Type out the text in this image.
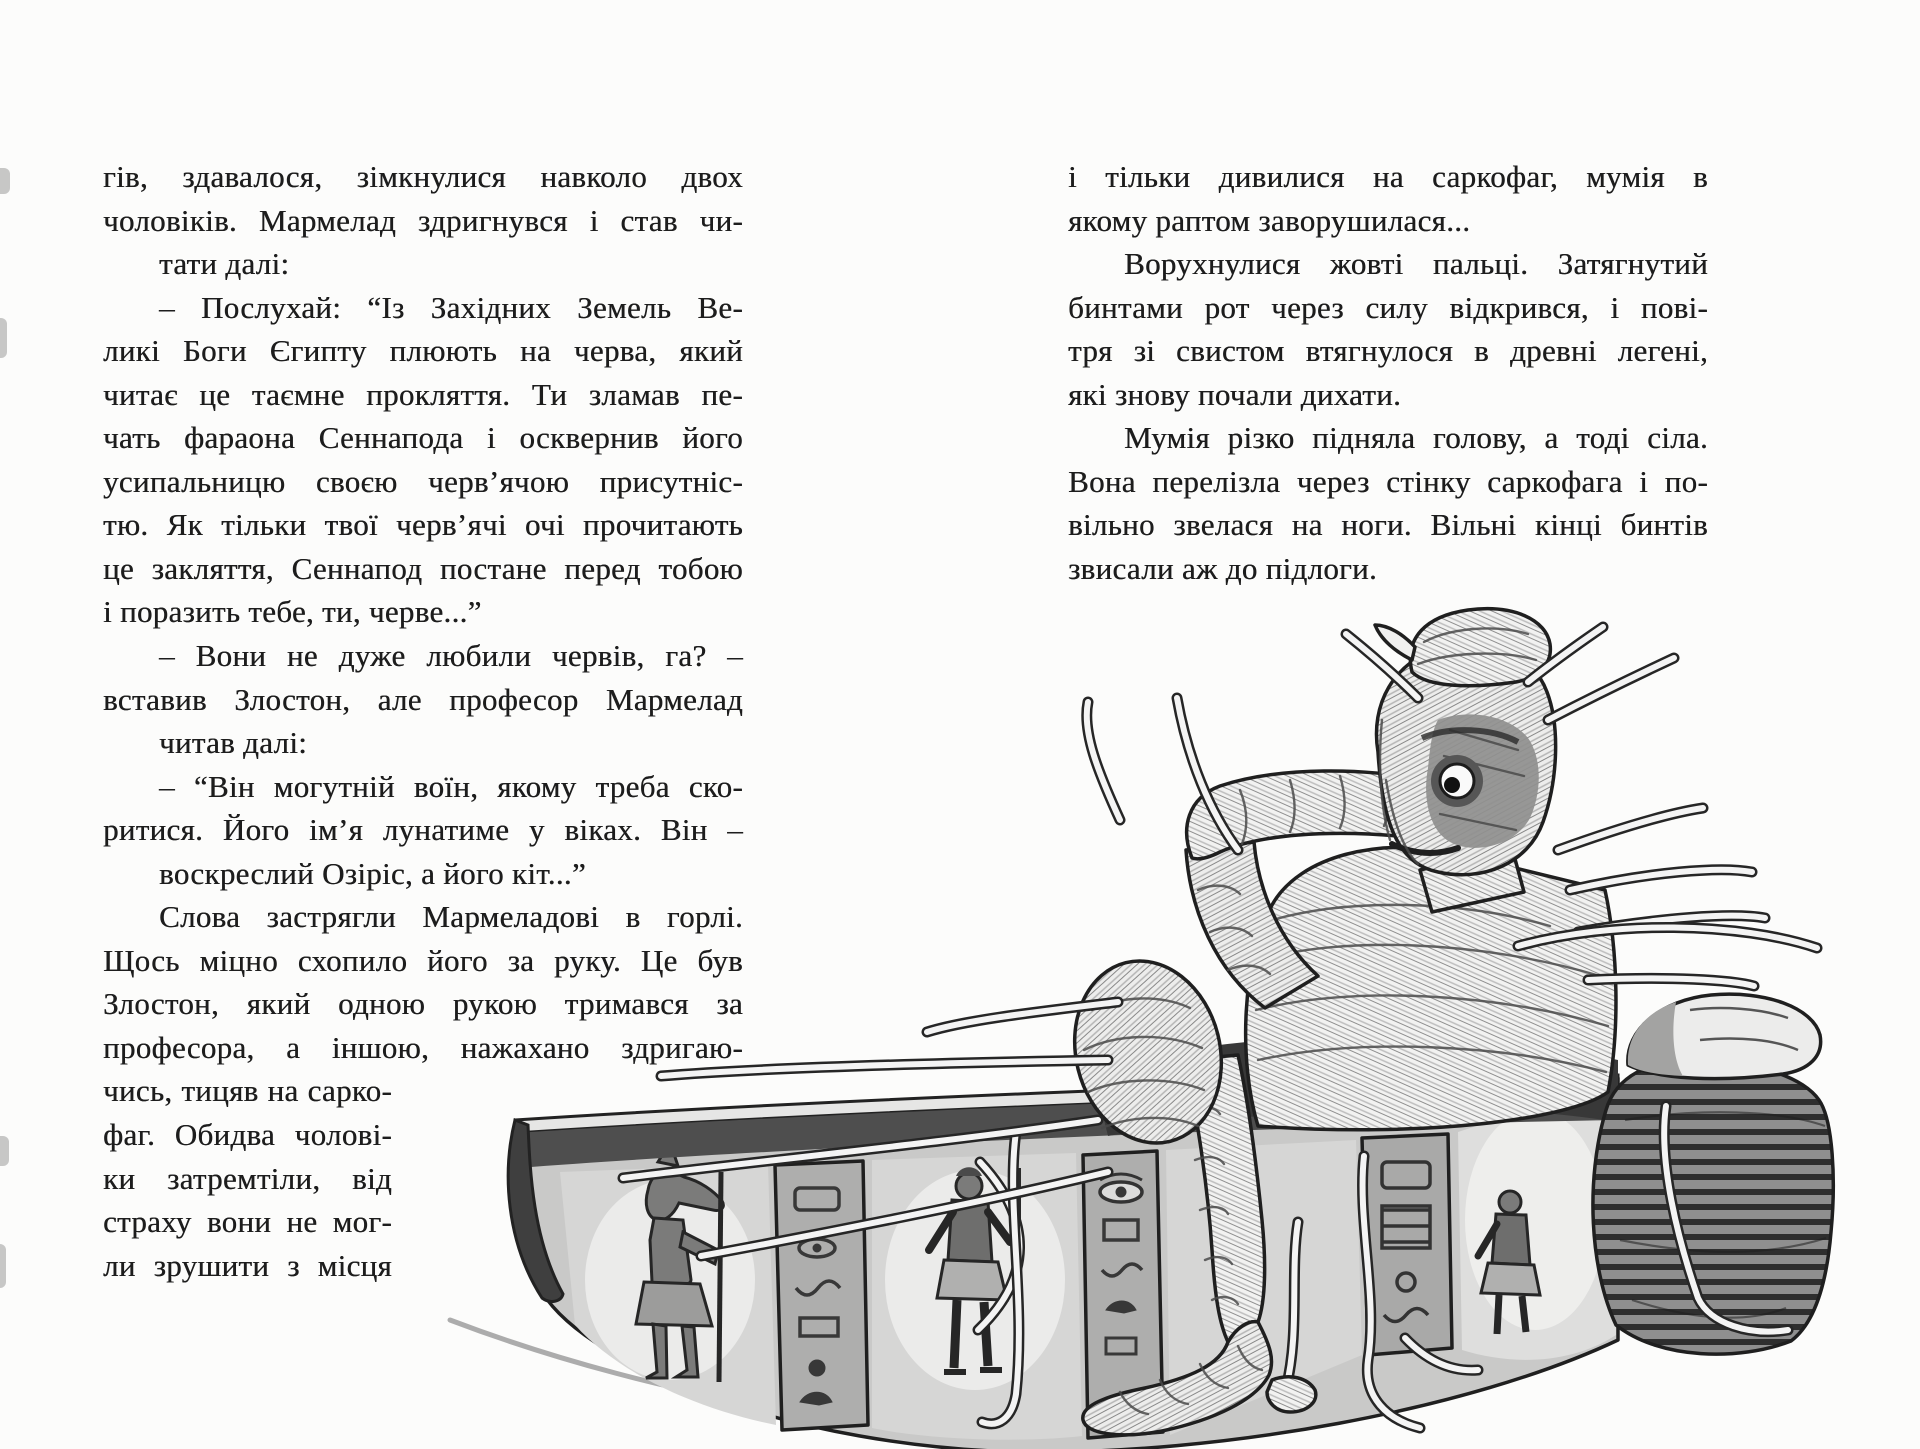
гів, здавалося, зімкнулися навколо двох
чоловіків. Мармелад здригнувся і став чи-
тати далі:
– Послухай: “Із Західних Земель Ве-
ликі Боги Єгипту плюють на черва, який
читає це таємне прокляття. Ти зламав пе-
чать фараона Сеннапода і осквернив його
усипальницю своєю черв’ячою присутніс-
тю. Як тільки твої черв’ячі очі прочитають
це закляття, Сеннапод постане перед тобою
і поразить тебе, ти, черве...”
– Вони не дуже любили червів, га? –
вставив Злостон, але професор Мармелад
читав далі:
– “Він могутній воїн, якому треба ско-
ритися. Його ім’я лунатиме у віках. Він –
воскреслий Озіріс, а його кіт...”
Слова застрягли Мармеладові в горлі.
Щось міцно схопило його за руку. Це був
Злостон, який одною рукою тримався за
професора, а іншою, нажахано здригаю-
чись, тицяв на сарко-
фаг. Обидва чолові-
ки затремтіли, від
страху вони не мог-
ли зрушити з місця
і тільки дивилися на саркофаг, мумія в
якому раптом заворушилася...
Ворухнулися жовті пальці. Затягнутий
бинтами рот через силу відкрився, і пові-
тря зі свистом втягнулося в древні легені,
які знову почали дихати.
Мумія різко підняла голову, а тоді сіла.
Вона перелізла через стінку саркофага і по-
вільно звелася на ноги. Вільні кінці бинтів
звисали аж до підлоги.
